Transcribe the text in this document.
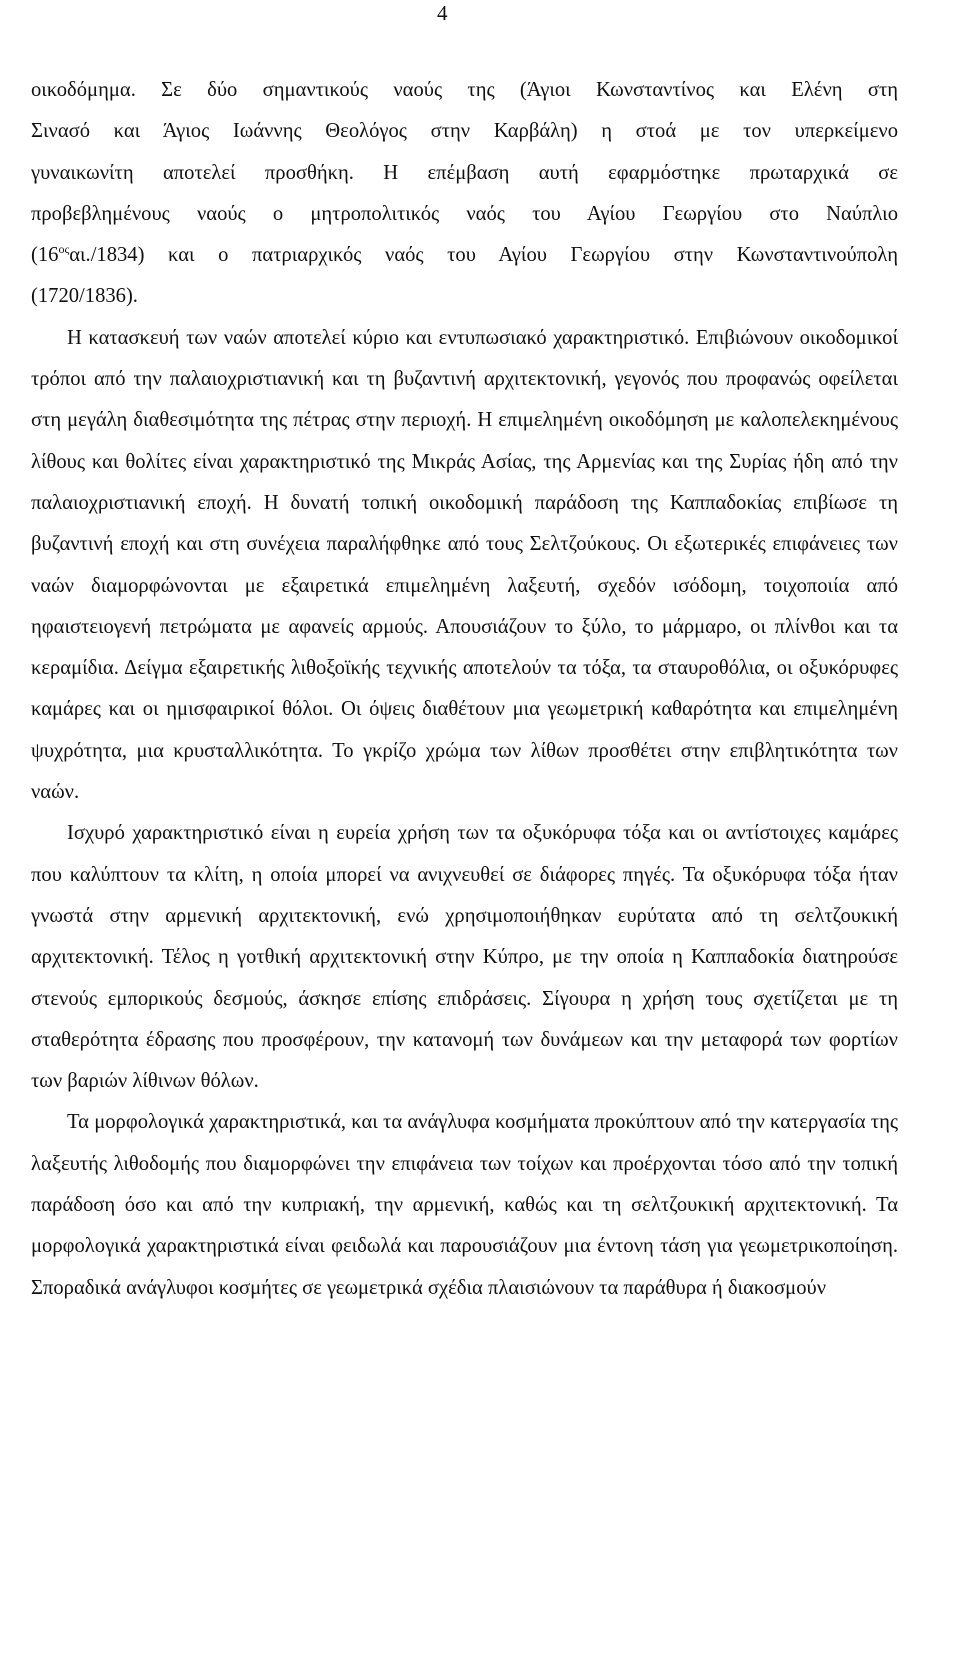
4

οικοδόμημα. Σε δύο σημαντικούς ναούς της (Άγιοι Κωνσταντίνος και Ελένη στη
Σινασό και Άγιος Ιωάννης Θεολόγος στην Καρβάλη) η στοά με τον υπερκείμενο
γυναικωνίτη αποτελεί προσθήκη. Η επέμβαση αυτή εφαρμόστηκε πρωταρχικά σε
προβεβλημένους ναούς ο μητροπολιτικός ναός του Αγίου Γεωργίου στο Ναύπλιο
$(16^{o\varsigma}\alpha\iota./1834)$ και ο πατριαρχικός ναός του Αγίου Γεωργίου στην Κωνσταντινούπολη
(1720/1836).

Η κατασκευή των ναών αποτελεί κύριο και εντυπωσιακό χαρακτηριστικό. Επιβιώνουν οικοδομικοί τρόποι από την παλαιοχριστιανική και τη βυζαντινή αρχιτεκτονική, γεγονός που προφανώς οφείλεται στη μεγάλη διαθεσιμότητα της πέτρας στην περιοχή. Η επιμελημένη οικοδόμηση με καλοπελεκημένους λίθους και θολίτες είναι χαρακτηριστικό της Μικράς Ασίας, της Αρμενίας και της Συρίας ήδη από την παλαιοχριστιανική εποχή. Η δυνατή τοπική οικοδομική παράδοση της Καππαδοκίας επιβίωσε τη βυζαντινή εποχή και στη συνέχεια παραλήφθηκε από τους Σελτζούκους. Οι εξωτερικές επιφάνειες των ναών διαμορφώνονται με εξαιρετικά επιμελημένη λαξευτή, σχεδόν ισόδομη, τοιχοποιία από ηφαιστειογενή πετρώματα με αφανείς αρμούς. Απουσιάζουν το ξύλο, το μάρμαρο, οι πλίνθοι και τα κεραμίδια. Δείγμα εξαιρετικής λιθοξοϊκής τεχνικής αποτελούν τα τόξα, τα σταυροθόλια, οι οξυκόρυφες καμάρες και οι ημισφαιρικοί θόλοι. Οι όψεις διαθέτουν μια γεωμετρική καθαρότητα και επιμελημένη ψυχρότητα, μια κρυσταλλικότητα. Το γκρίζο χρώμα των λίθων προσθέτει στην επιβλητικότητα των ναών.

Ισχυρό χαρακτηριστικό είναι η ευρεία χρήση των τα οξυκόρυφα τόξα και οι αντίστοιχες καμάρες που καλύπτουν τα κλίτη, η οποία μπορεί να ανιχνευθεί σε διάφορες πηγές. Τα οξυκόρυφα τόξα ήταν γνωστά στην αρμενική αρχιτεκτονική, ενώ χρησιμοποιήθηκαν ευρύτατα από τη σελτζουκική αρχιτεκτονική. Τέλος η γοτθική αρχιτεκτονική στην Κύπρο, με την οποία η Καππαδοκία διατηρούσε στενούς εμπορικούς δεσμούς, άσκησε επίσης επιδράσεις. Σίγουρα η χρήση τους σχετίζεται με τη σταθερότητα έδρασης που προσφέρουν, την κατανομή των δυνάμεων και την μεταφορά των φορτίων των βαριών λίθινων θόλων.

Τα μορφολογικά χαρακτηριστικά, και τα ανάγλυφα κοσμήματα προκύπτουν από την κατεργασία της λαξευτής λιθοδομής που διαμορφώνει την επιφάνεια των τοίχων και προέρχονται τόσο από την τοπική παράδοση όσο και από την κυπριακή, την αρμενική, καθώς και τη σελτζουκική αρχιτεκτονική. Τα μορφολογικά χαρακτηριστικά είναι φειδωλά και παρουσιάζουν μια έντονη τάση για γεωμετρικοποίηση. Σποραδικά ανάγλυφοι κοσμήτες σε γεωμετρικά σχέδια πλαισιώνουν τα παράθυρα ή διακοσμούν
